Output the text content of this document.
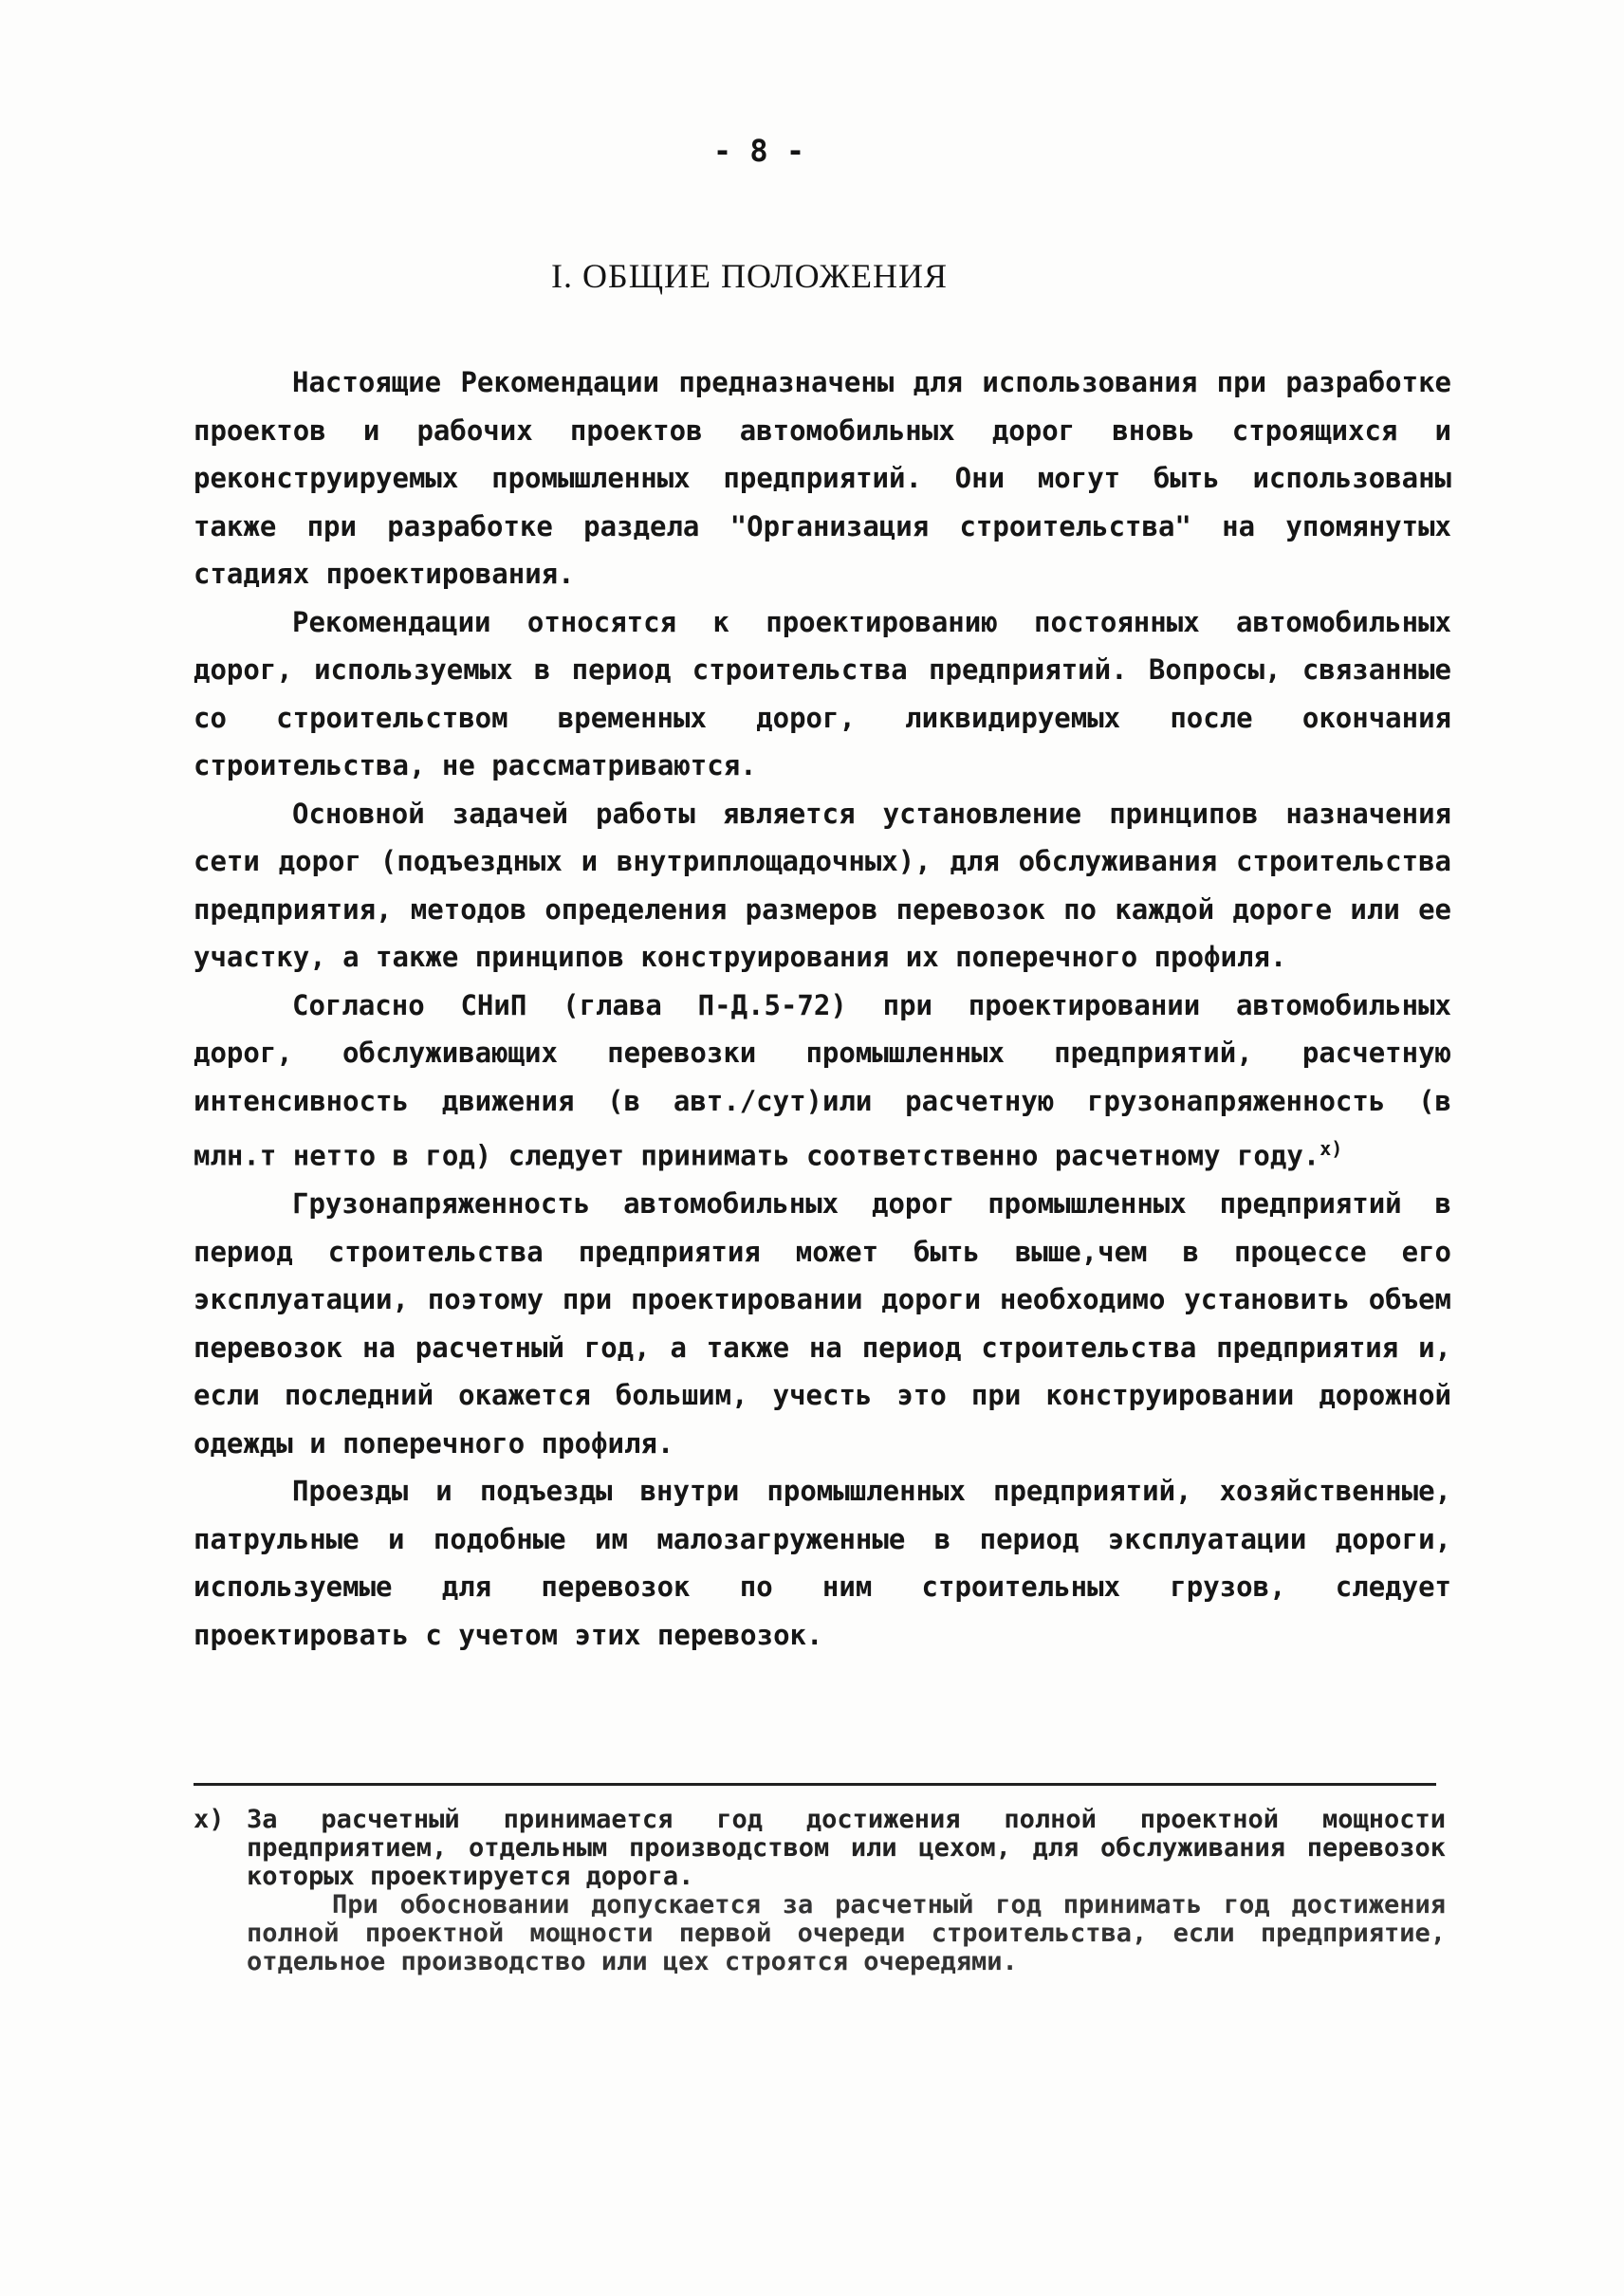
- 8 -
I. ОБЩИЕ ПОЛОЖЕНИЯ

Настоящие Рекомендации предназначены для использования при разработке проектов и рабочих проектов автомобильных дорог вновь строящихся и реконструируемых промышленных предприятий. Они могут быть использованы также при разработке раздела "Организация строительства" на упомянутых стадиях проектирования.

Рекомендации относятся к проектированию постоянных автомобильных дорог, используемых в период строительства предприятий. Вопросы, связанные со строительством временных дорог, ликвидируемых после окончания строительства, не рассматриваются.

Основной задачей работы является установление принципов назначения сети дорог (подъездных и внутриплощадочных), для обслуживания строительства предприятия, методов определения размеров перевозок по каждой дороге или ее участку, а также принципов конструирования их поперечного профиля.

Согласно СНиП (глава П-Д.5-72) при проектировании автомобильных дорог, обслуживающих перевозки промышленных предприятий, расчетную интенсивность движения (в авт./сут)или расчетную грузонапряженность (в млн.т нетто в год) следует принимать соответственно расчетному году.$^{x)}$

Грузонапряженность автомобильных дорог промышленных предприятий в период строительства предприятия может быть выше,чем в процессе его эксплуатации, поэтому при проектировании дороги необходимо установить объем перевозок на расчетный год, а также на период строительства предприятия и, если последний окажется большим, учесть это при конструировании дорожной одежды и поперечного профиля.

Проезды и подъезды внутри промышленных предприятий, хозяйственные, патрульные и подобные им малозагруженные в период эксплуатации дороги, используемые для перевозок по ним строительных грузов, следует проектировать с учетом этих перевозок.

x) За расчетный принимается год достижения полной проектной мощности предприятием, отдельным производством или цехом, для обслуживания перевозок которых проектируется дорога.

При обосновании допускается за расчетный год принимать год достижения полной проектной мощности первой очереди строительства, если предприятие, отдельное производство или цех строятся очередями.
